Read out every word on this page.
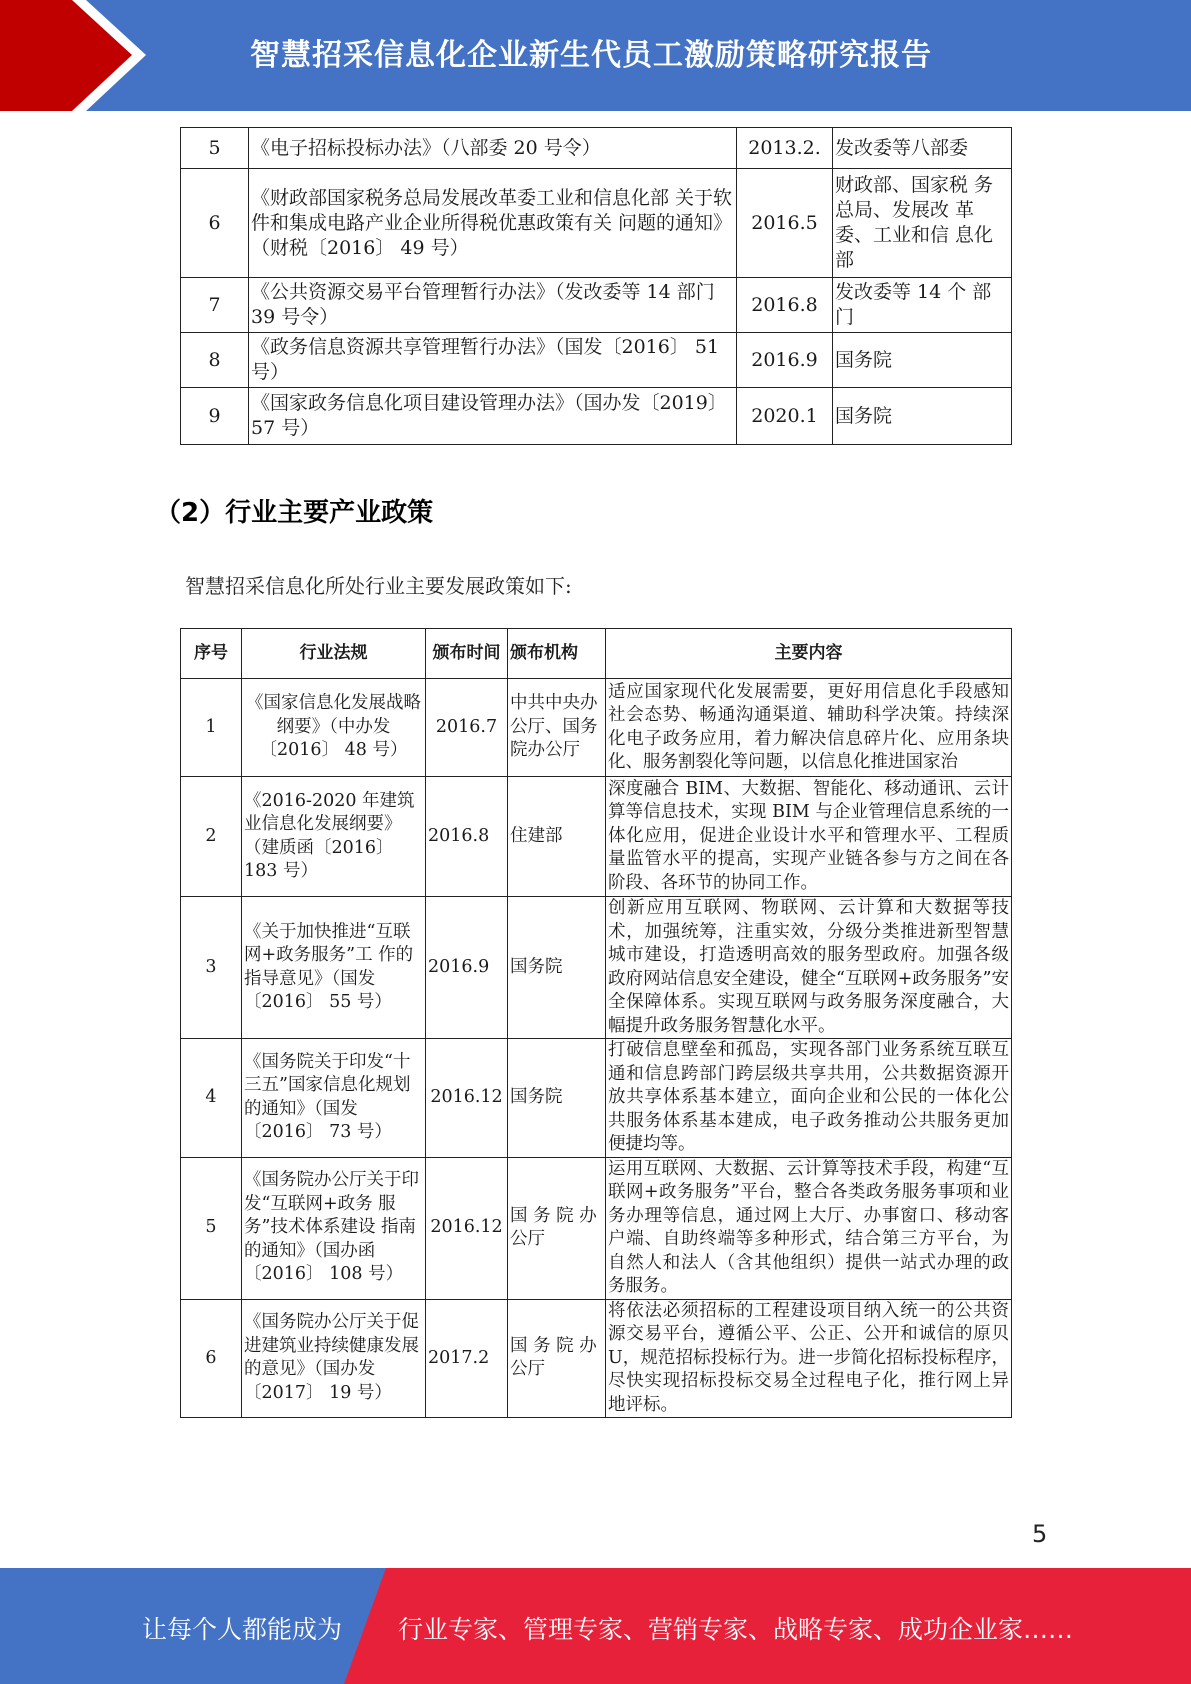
智慧招采信息化企业新生代员工激励策略研究报告
5	《电子招标投标办法》（八部委 20 号令）	2013.2.	发改委等八部委
6	《财政部国家税务总局发展改革委工业和信息化部 关于软件和集成电路产业企业所得税优惠政策有关 问题的通知》（财税〔2016〕 49 号）	2016.5	财政部、国家税 务总局、发展改 革委、工业和信 息化部
7	《公共资源交易平台管理暂行办法》（发改委等 14 部门 39 号令）	2016.8	发改委等 14 个 部门
8	《政务信息资源共享管理暂行办法》（国发〔2016〕 51 号）	2016.9	国务院
9	《国家政务信息化项目建设管理办法》（国办发〔2019〕 57 号）	2020.1	国务院
（2）行业主要产业政策
智慧招采信息化所处行业主要发展政策如下:
序号	行业法规	颁布时间	颁布机构	主要内容
1	《国家信息化发展战略纲要》（中办发〔2016〕 48 号）	2016.7	中共中央办公厅、国务院办公厅	适应国家现代化发展需要，更好用信息化手段感知社会态势、畅通沟通渠道、辅助科学决策。持续深化电子政务应用，着力解决信息碎片化、应用条块化、服务割裂化等问题，以信息化推进国家治
2	《2016-2020 年建筑 业信息化发展纲要》（建质函〔2016〕 183 号）	2016.8	住建部	深度融合 BIM、大数据、智能化、移动通讯、云计算等信息技术，实现 BIM 与企业管理信息系统的一体化应用，促进企业设计水平和管理水平、工程质量监管水平的提高，实现产业链各参与方之间在各阶段、各环节的协同工作。
3	《关于加快推进“互联网+政务服务”工 作的指导意见》（国发〔2016〕 55 号）	2016.9	国务院	创新应用互联网、物联网、云计算和大数据等技术，加强统筹，注重实效，分级分类推进新型智慧城市建设，打造透明高效的服务型政府。加强各级政府网站信息安全建设，健全“互联网+政务服务”安全保障体系。实现互联网与政务服务深度融合，大幅提升政务服务智慧化水平。
4	《国务院关于印发“十三五”国家信息化规划的通知》（国发〔2016〕 73 号）	2016.12	国务院	打破信息壁垒和孤岛，实现各部门业务系统互联互通和信息跨部门跨层级共享共用，公共数据资源开放共享体系基本建立，面向企业和公民的一体化公共服务体系基本建成，电子政务推动公共服务更加便捷均等。
5	《国务院办公厅关于印发“互联网+政务 服务”技术体系建设 指南的通知》（国办函〔2016〕 108 号）	2016.12	国 务 院 办公厅	运用互联网、大数据、云计算等技术手段，构建“互联网+政务服务”平台，整合各类政务服务事项和业务办理等信息，通过网上大厅、办事窗口、移动客户端、自助终端等多种形式，结合第三方平台，为自然人和法人（含其他组织）提供一站式办理的政务服务。
6	《国务院办公厅关于促进建筑业持续健康发展的意见》（国办发〔2017〕 19 号）	2017.2	国 务 院 办公厅	将依法必须招标的工程建设项目纳入统一的公共资源交易平台，遵循公平、公正、公开和诚信的原贝 U，规范招标投标行为。进一步简化招标投标程序，尽快实现招标投标交易全过程电子化，推行网上异地评标。
5
让每个人都能成为 行业专家、管理专家、营销专家、战略专家、成功企业家……
